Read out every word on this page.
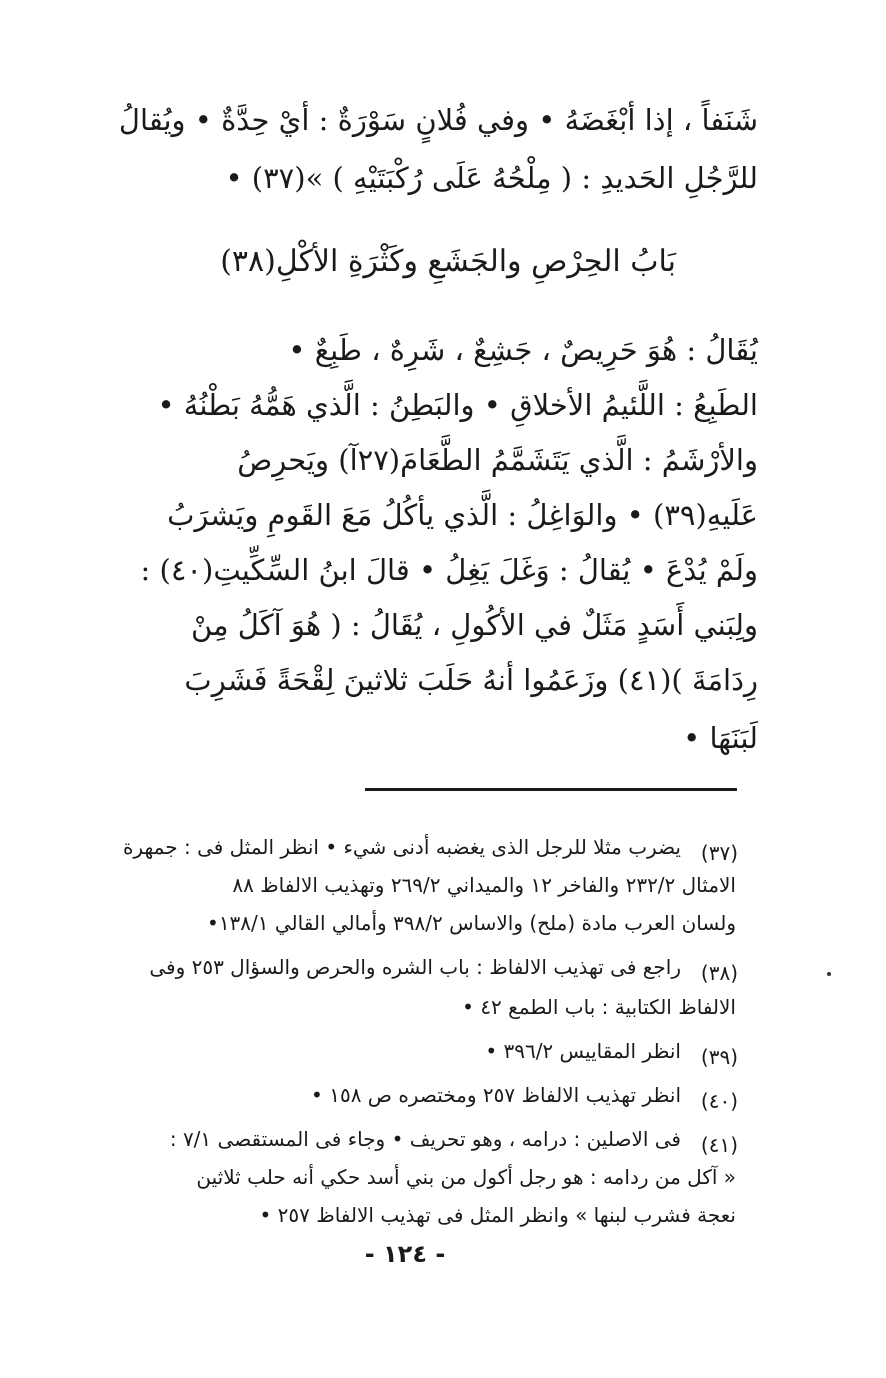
شَنَفاً ، إذا أبْغَضَهُ • وفي فُلانٍ سَوْرَةٌ : أيْ حِدَّةٌ • ويُقالُ
للرَّجُلِ الحَديدِ : ( مِلْحُهُ عَلَى رُكْبَتَيْهِ ) »(٣٧) •
بَابُ الحِرْصِ والجَشَعِ وكَثْرَةِ الأكْلِ(٣٨)
يُقَالُ : هُوَ حَرِيصٌ ، جَشِعٌ ، شَرِهٌ ، طَبِعٌ •
الطَبِعُ : اللَّئيمُ الأخلاقِ • والبَطِنُ : الَّذي هَمُّهُ بَطْنُهُ •
والأرْشَمُ : الَّذي يَتَشَمَّمُ الطَّعَامَ(٢٧آ) ويَحرِصُ
عَلَيهِ(٣٩) • والوَاغِلُ : الَّذي يأكُلُ مَعَ القَومِ ويَشرَبُ
ولَمْ يُدْعَ • يُقالُ : وَغَلَ يَغِلُ • قالَ ابنُ السِّكِّيتِ(٤٠) :
ولِبَني أَسَدٍ مَثَلٌ في الأكُولِ ، يُقَالُ : ( هُوَ آكَلُ مِنْ
رِدَامَةَ )(٤١) وزَعَمُوا أنهُ حَلَبَ ثلاثينَ لِقْحَةً فَشَرِبَ
لَبَنَهَا •
(٣٧)
يضرب مثلا للرجل الذى يغضبه أدنى شيء • انظر المثل فى : جمهرة
الامثال ٢٣٢/٢ والفاخر ١٢ والميداني ٢٦٩/٢ وتهذيب الالفاظ ٨٨
ولسان العرب مادة (ملح) والاساس ٣٩٨/٢ وأمالي القالي ١٣٨/١•
(٣٨)
راجع فى تهذيب الالفاظ : باب الشره والحرص والسؤال ٢٥٣ وفى
الالفاظ الكتابية : باب الطمع ٤٢ •
(٣٩)
انظر المقاييس ٣٩٦/٢ •
(٤٠)
انظر تهذيب الالفاظ ٢٥٧ ومختصره ص ١٥٨ •
(٤١)
فى الاصلين : درامه ، وهو تحريف • وجاء فى المستقصى ٧/١ :
« آكل من ردامه : هو رجل أكول من بني أسد حكي أنه حلب ثلاثين
نعجة فشرب لبنها » وانظر المثل فى تهذيب الالفاظ ٢٥٧ •
- ١٢٤ -
